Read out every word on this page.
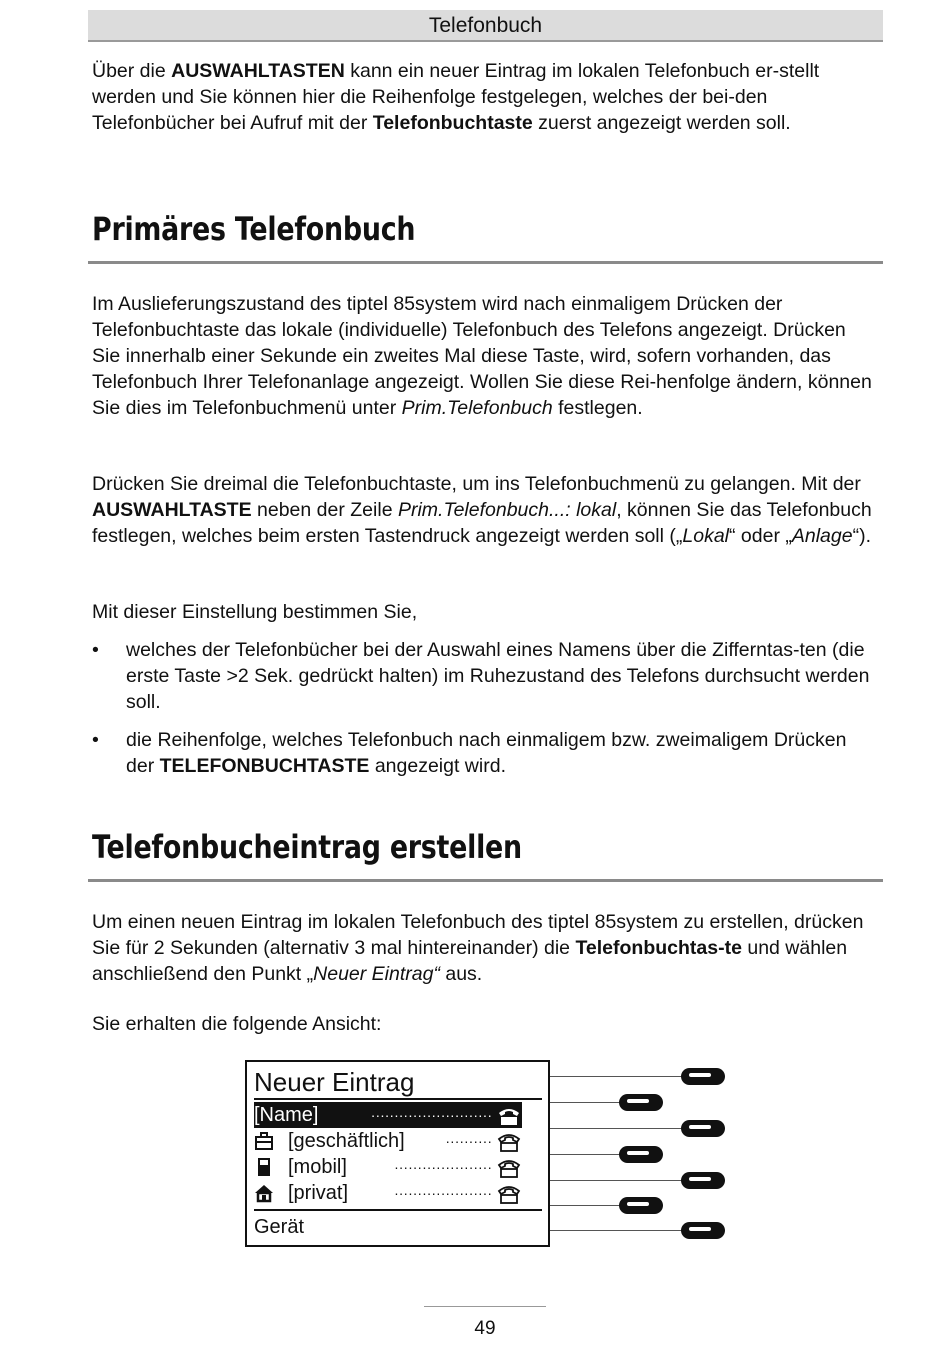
Telefonbuch

Über die AUSWAHLTASTEN kann ein neuer Eintrag im lokalen Telefonbuch er-stellt werden und Sie können hier die Reihenfolge festgelegen, welches der bei-den Telefonbücher bei Aufruf mit der Telefonbuchtaste zuerst angezeigt werden soll.

Primäres Telefonbuch

Im Auslieferungszustand des tiptel 85system wird nach einmaligem Drücken der Telefonbuchtaste das lokale (individuelle) Telefonbuch des Telefons angezeigt. Drücken Sie innerhalb einer Sekunde ein zweites Mal diese Taste, wird, sofern vorhanden, das Telefonbuch Ihrer Telefonanlage angezeigt. Wollen Sie diese Rei-henfolge ändern, können Sie dies im Telefonbuchmenü unter Prim.Telefonbuch festlegen.

Drücken Sie dreimal die Telefonbuchtaste, um ins Telefonbuchmenü zu gelangen. Mit der AUSWAHLTASTE neben der Zeile Prim.Telefonbuch...: lokal, können Sie das Telefonbuch festlegen, welches beim ersten Tastendruck angezeigt werden soll („Lokal“ oder „Anlage“).

Mit dieser Einstellung bestimmen Sie,

• welches der Telefonbücher bei der Auswahl eines Namens über die Zifferntas-ten (die erste Taste >2 Sek. gedrückt halten) im Ruhezustand des Telefons durchsucht werden soll.
• die Reihenfolge, welches Telefonbuch nach einmaligem bzw. zweimaligem Drücken der TELEFONBUCHTASTE angezeigt wird.
Telefonbucheintrag erstellen

Um einen neuen Eintrag im lokalen Telefonbuch des tiptel 85system zu erstellen, drücken Sie für 2 Sekunden (alternativ 3 mal hintereinander) die Telefonbuchtas-te und wählen anschließend den Punkt „Neuer Eintrag“ aus.

Sie erhalten die folgende Ansicht:

Neuer Eintrag
[Name]	··························
[geschäftlich]	··········
[mobil]	·····················
[privat]	·····················
Gerät
49
